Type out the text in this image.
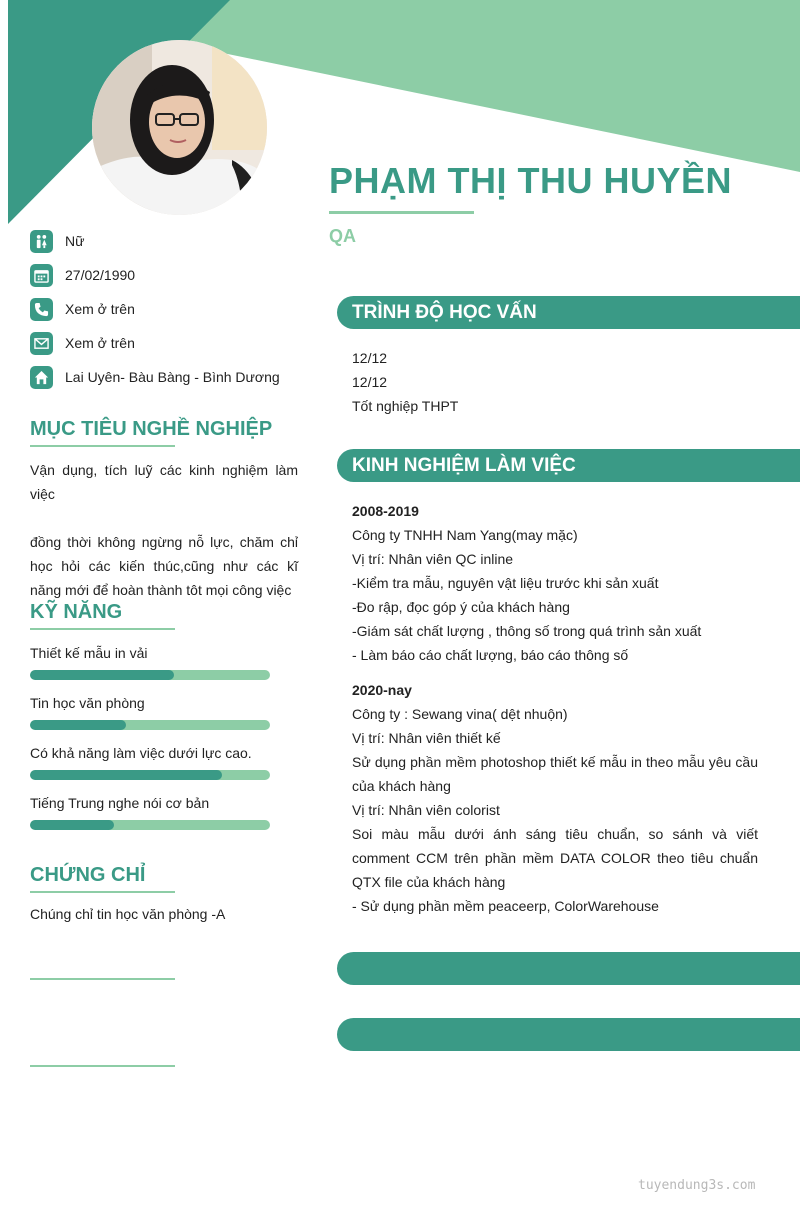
PHẠM THỊ THU HUYỀN
QA
Nữ
27/02/1990
Xem ở trên
Xem ở trên
Lai Uyên- Bàu Bàng - Bình Dương
MỤC TIÊU NGHỀ NGHIỆP

Vận dụng, tích luỹ các kinh nghiệm làm việc

đồng thời không ngừng nỗ lực, chăm chỉ học hỏi các kiến thúc,cũng như các kĩ năng mới để hoàn thành tôt mọi công việc

KỸ NĂNG
Thiết kế mẫu in vải
Tin học văn phòng
Có khả năng làm việc dưới lực cao.
Tiếng Trung nghe nói cơ bản
CHỨNG CHỈ
Chúng chỉ tin học văn phòng -A
TRÌNH ĐỘ HỌC VẤN
12/12
12/12
Tốt nghiệp THPT
KINH NGHIỆM LÀM VIỆC
2008-2019
Công ty TNHH Nam Yang(may mặc)
Vị trí: Nhân viên QC inline
-Kiểm tra mẫu, nguyên vật liệu trước khi sản xuất
-Đo rập, đọc góp ý của khách hàng
-Giám sát chất lượng , thông số trong quá trình sản xuất
- Làm báo cáo chất lượng, báo cáo thông số
2020-nay
Công ty : Sewang vina( dệt nhuộn)
Vị trí: Nhân viên thiết kế
Sử dụng phần mềm photoshop thiết kế mẫu in theo mẫu yêu cầu của khách hàng
Vị trí: Nhân viên colorist
Soi màu mẫu dưới ánh sáng tiêu chuẩn, so sánh và viết comment CCM trên phần mềm DATA COLOR theo tiêu chuẩn QTX file của khách hàng
- Sử dụng phần mềm peaceerp, ColorWarehouse
tuyendung3s.com
